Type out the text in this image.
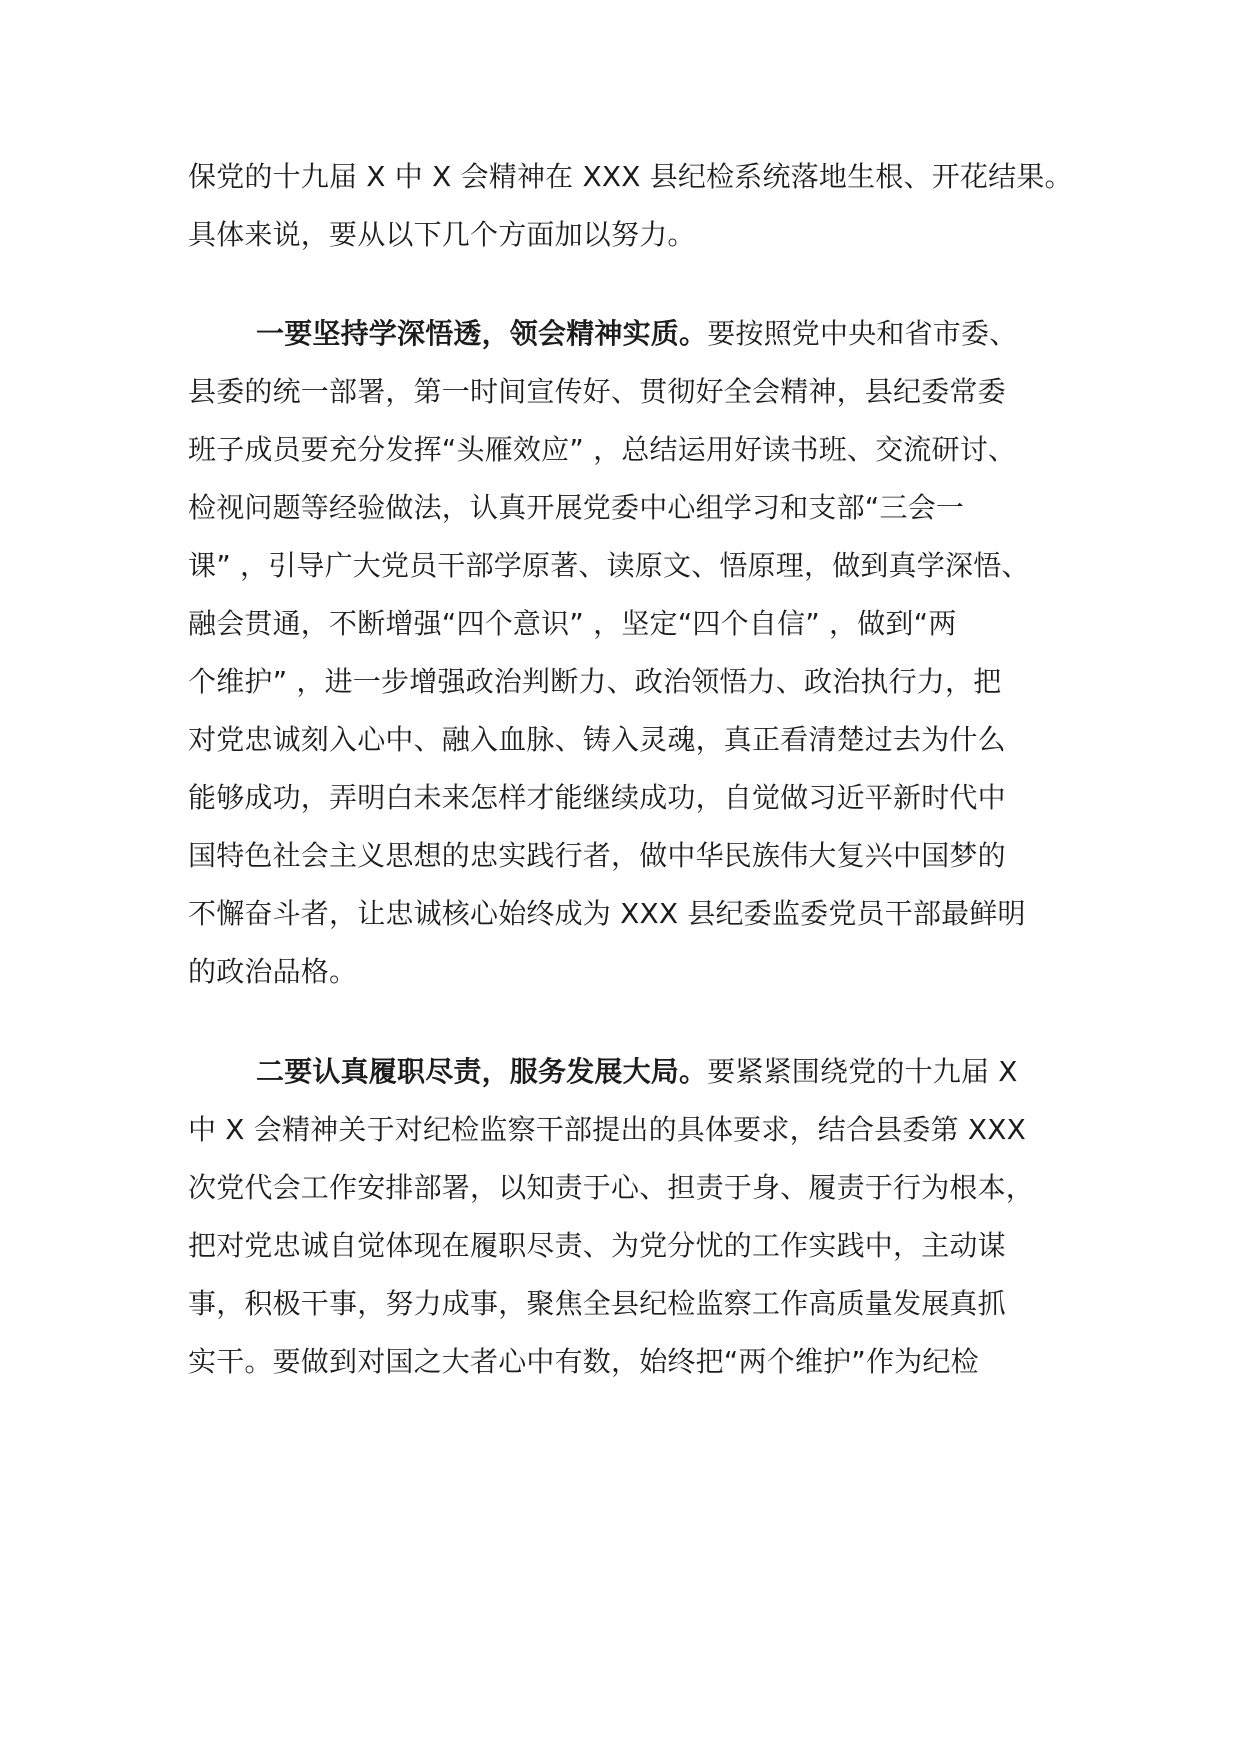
保党的十九届 X 中 X 会精神在 XXX 县纪检系统落地生根、开花结果。
具体来说，要从以下几个方面加以努力。
一要坚持学深悟透，领会精神实质。要按照党中央和省市委、
县委的统一部署，第一时间宣传好、贯彻好全会精神，县纪委常委
班子成员要充分发挥“头雁效应” ，总结运用好读书班、交流研讨、
检视问题等经验做法，认真开展党委中心组学习和支部“三会一
课” ，引导广大党员干部学原著、读原文、悟原理，做到真学深悟、
融会贯通，不断增强“四个意识” ，坚定“四个自信” ，做到“两
个维护” ，进一步增强政治判断力、政治领悟力、政治执行力，把
对党忠诚刻入心中、融入血脉、铸入灵魂，真正看清楚过去为什么
能够成功，弄明白未来怎样才能继续成功，自觉做习近平新时代中
国特色社会主义思想的忠实践行者，做中华民族伟大复兴中国梦的
不懈奋斗者，让忠诚核心始终成为 XXX 县纪委监委党员干部最鲜明
的政治品格。
二要认真履职尽责，服务发展大局。要紧紧围绕党的十九届 X
中 X 会精神关于对纪检监察干部提出的具体要求，结合县委第 XXX
次党代会工作安排部署，以知责于心、担责于身、履责于行为根本，
把对党忠诚自觉体现在履职尽责、为党分忧的工作实践中，主动谋
事，积极干事，努力成事，聚焦全县纪检监察工作高质量发展真抓
实干。要做到对国之大者心中有数，始终把“两个维护”作为纪检
